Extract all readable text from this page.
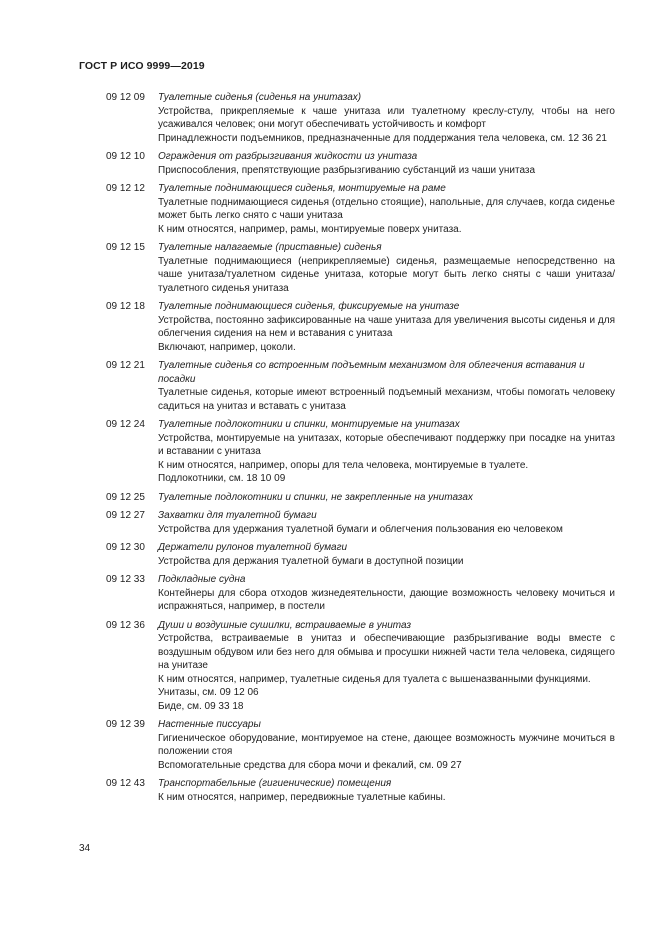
ГОСТ Р ИСО 9999—2019
09 12 09	Туалетные сиденья (сиденья на унитазах)
Устройства, прикрепляемые к чаше унитаза или туалетному креслу-стулу, чтобы на него усаживался человек; они могут обеспечивать устойчивость и комфорт
Принадлежности подъемников, предназначенные для поддержания тела человека, см. 12 36 21
09 12 10	Ограждения от разбрызгивания жидкости из унитаза
Приспособления, препятствующие разбрызгиванию субстанций из чаши унитаза
09 12 12	Туалетные поднимающиеся сиденья, монтируемые на раме
Туалетные поднимающиеся сиденья (отдельно стоящие), напольные, для случаев, когда сиденье может быть легко снято с чаши унитаза
К ним относятся, например, рамы, монтируемые поверх унитаза.
09 12 15	Туалетные налагаемые (приставные) сиденья
Туалетные поднимающиеся (неприкрепляемые) сиденья, размещаемые непосредственно на чаше унитаза/туалетном сиденье унитаза, которые могут быть легко сняты с чаши унитаза/туалетного сиденья унитаза
09 12 18	Туалетные поднимающиеся сиденья, фиксируемые на унитазе
Устройства, постоянно зафиксированные на чаше унитаза для увеличения высоты сиденья и для облегчения сидения на нем и вставания с унитаза
Включают, например, цоколи.
09 12 21	Туалетные сиденья со встроенным подъемным механизмом для облегчения вставания и посадки
Туалетные сиденья, которые имеют встроенный подъемный механизм, чтобы помогать человеку садиться на унитаз и вставать с унитаза
09 12 24	Туалетные подлокотники и спинки, монтируемые на унитазах
Устройства, монтируемые на унитазах, которые обеспечивают поддержку при посадке на унитаз и вставании с унитаза
К ним относятся, например, опоры для тела человека, монтируемые в туалете.
Подлокотники, см. 18 10 09
09 12 25	Туалетные подлокотники и спинки, не закрепленные на унитазах
09 12 27	Захватки для туалетной бумаги
Устройства для удержания туалетной бумаги и облегчения пользования ею человеком
09 12 30	Держатели рулонов туалетной бумаги
Устройства для держания туалетной бумаги в доступной позиции
09 12 33	Подкладные судна
Контейнеры для сбора отходов жизнедеятельности, дающие возможность человеку мочиться и испражняться, например, в постели
09 12 36	Души и воздушные сушилки, встраиваемые в унитаз
Устройства, встраиваемые в унитаз и обеспечивающие разбрызгивание воды вместе с воздушным обдувом или без него для обмыва и просушки нижней части тела человека, сидящего на унитазе
К ним относятся, например, туалетные сиденья для туалета с вышеназванными функциями.
Унитазы, см. 09 12 06
Биде, см. 09 33 18
09 12 39	Настенные писсуары
Гигиеническое оборудование, монтируемое на стене, дающее возможность мужчине мочиться в положении стоя
Вспомогательные средства для сбора мочи и фекалий, см. 09 27
09 12 43	Транспортабельные (гигиенические) помещения
К ним относятся, например, передвижные туалетные кабины.
34
